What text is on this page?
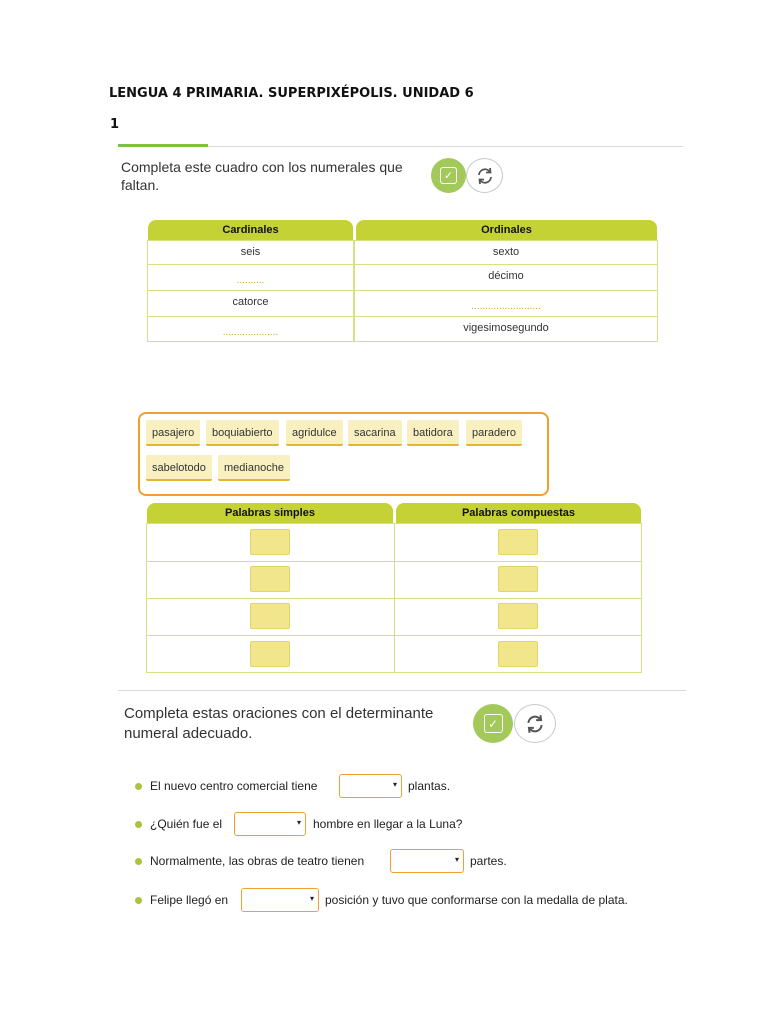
LENGUA 4 PRIMARIA. SUPERPIXÉPOLIS. UNIDAD 6
1
Completa este cuadro con los numerales que
faltan.
✓
Cardinales	Ordinales
seis	sexto
..........	décimo
catorce	.........................
....................	vigesimosegundo
pasajero	boquiabierto	agridulce	sacarina	batidora	paradero
sabelotodo	medianoche
Palabras simples	Palabras compuestas
Completa estas oraciones con el determinante
numeral adecuado.
✓
El nuevo centro comercial tiene	▾ plantas.
¿Quién fue el	▾ hombre en llegar a la Luna?
Normalmente, las obras de teatro tienen	▾ partes.
Felipe llegó en	▾ posición y tuvo que conformarse con la medalla de plata.
